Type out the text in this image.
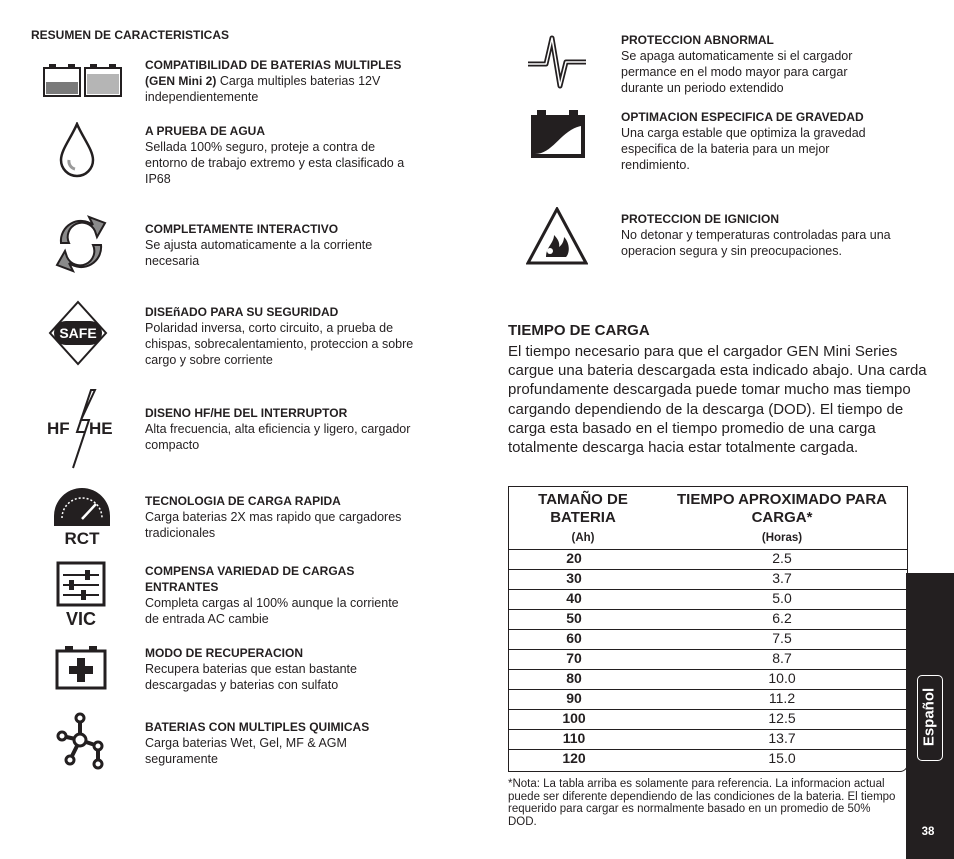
RESUMEN DE CARACTERISTICAS
SAFE
HF HE
RCT
VIC
COMPATIBILIDAD DE BATERIAS MULTIPLES (GEN Mini 2) Carga multiples baterias 12V independientemente
A PRUEBA DE AGUA
Sellada 100% seguro, proteje a contra de entorno de trabajo extremo y esta clasificado a IP68
COMPLETAMENTE INTERACTIVO
Se ajusta automaticamente a la corriente necesaria
DISEñADO PARA SU SEGURIDAD
Polaridad inversa, corto circuito, a prueba de chispas, sobrecalentamiento, proteccion a sobre cargo y sobre corriente
DISENO HF/HE DEL INTERRUPTOR
Alta frecuencia, alta eficiencia y ligero, cargador compacto
TECNOLOGIA DE CARGA RAPIDA
Carga baterias 2X mas rapido que cargadores tradicionales
COMPENSA VARIEDAD DE CARGAS ENTRANTES
Completa cargas al 100% aunque la corriente de entrada AC cambie
MODO DE RECUPERACION
Recupera baterias que estan bastante descargadas y baterias con sulfato
BATERIAS CON MULTIPLES QUIMICAS
Carga baterias Wet, Gel, MF & AGM seguramente
PROTECCION ABNORMAL
Se apaga automaticamente si el cargador permance en el modo mayor para cargar durante un periodo extendido
OPTIMACION ESPECIFICA DE GRAVEDAD
Una carga estable que optimiza la gravedad especifica de la bateria para un mejor rendimiento.
PROTECCION DE IGNICION
No detonar y temperaturas controladas para una operacion segura y sin preocupaciones.
TIEMPO DE CARGA
El tiempo necesario para que el cargador GEN Mini Series cargue una bateria descargada esta indicado abajo. Una carda profundamente descargada puede tomar mucho mas tiempo cargando dependiendo de la descarga (DOD). El tiempo de carga esta basado en el tiempo promedio de una carga totalmente descarga hacia estar totalmente cargada.
TAMAÑO DE BATERIA
(Ah)
TIEMPO APROXIMADO PARA CARGA*
(Horas)
20	2.5
30	3.7
40	5.0
50	6.2
60	7.5
70	8.7
80	10.0
90	11.2
100	12.5
110	13.7
120	15.0
*Nota: La tabla arriba es solamente para referencia. La informacion actual puede ser diferente dependiendo de las condiciones de la bateria. El tiempo requerido para cargar es normalmente basado en un promedio de 50% DOD.
Español
38
